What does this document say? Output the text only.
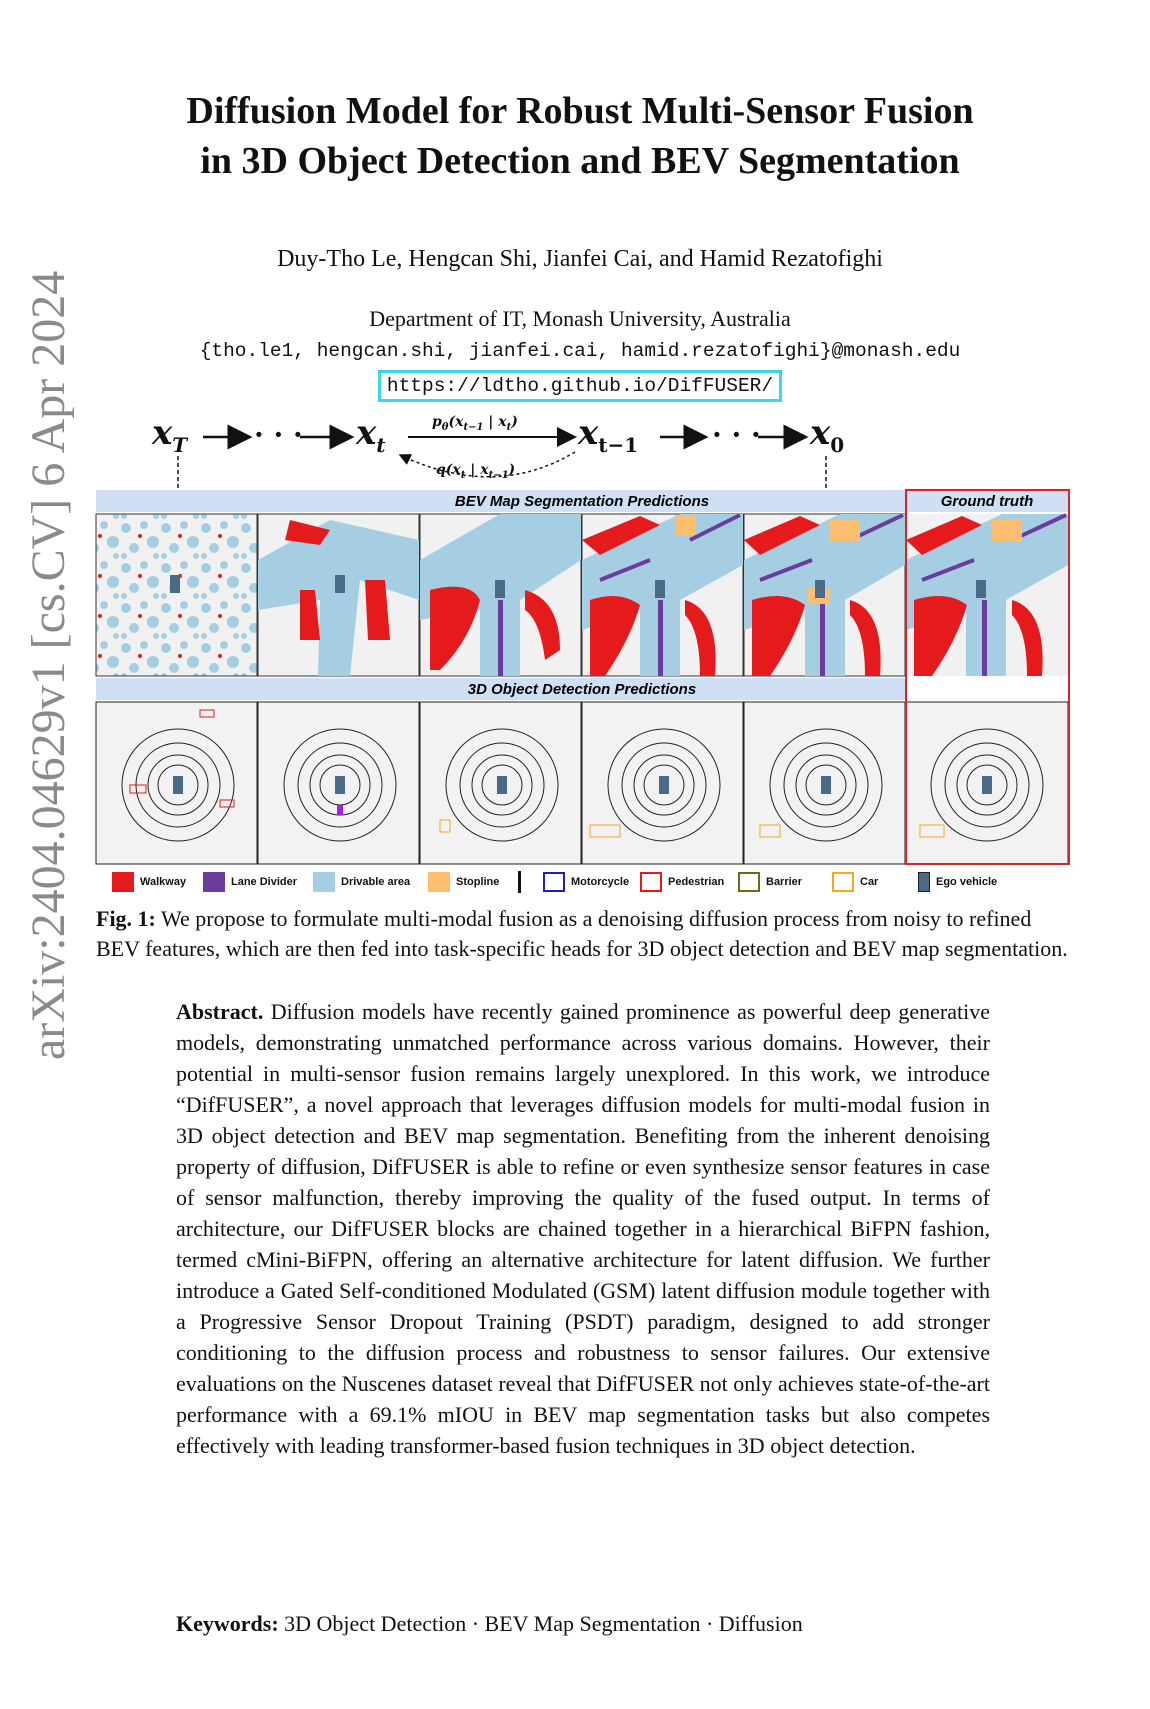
arXiv:2404.04629v1 [cs.CV] 6 Apr 2024
Diffusion Model for Robust Multi-Sensor Fusion
in 3D Object Detection and BEV Segmentation
Duy-Tho Le, Hengcan Shi, Jianfei Cai, and Hamid Rezatofighi
Department of IT, Monash University, Australia
{tho.le1, hengcan.shi, jianfei.cai, hamid.rezatofighi}@monash.edu
https://ldtho.github.io/DifFUSER/
$x_T$ · · · $x_t$
$p_\theta(x_{t-1}$ | $x_t$) $x_{t-1}$
$q(x_t$ | $x_{t-1}$)
· · · $x_0$
BEV Map Segmentation Predictions	Ground truth
3D Object Detection Predictions
Walkway	Lane Divider	Drivable area	Stopline	Motorcycle	Pedestrian	Barrier	Car	Ego vehicle
Fig. 1: We propose to formulate multi-modal fusion as a denoising diffusion process from noisy to refined BEV features, which are then fed into task-specific heads for 3D object detection and BEV map segmentation.
Abstract. Diffusion models have recently gained prominence as powerful deep generative models, demonstrating unmatched performance across various domains. However, their potential in multi-sensor fusion remains largely unexplored. In this work, we introduce “DifFUSER”, a novel approach that leverages diffusion models for multi-modal fusion in 3D object detection and BEV map segmentation. Benefiting from the inherent denoising property of diffusion, DifFUSER is able to refine or even synthesize sensor features in case of sensor malfunction, thereby improving the quality of the fused output. In terms of architecture, our DifFUSER blocks are chained together in a hierarchical BiFPN fashion, termed cMini-BiFPN, offering an alternative architecture for latent diffusion. We further introduce a Gated Self-conditioned Modulated (GSM) latent diffusion module together with a Progressive Sensor Dropout Training (PSDT) paradigm, designed to add stronger conditioning to the diffusion process and robustness to sensor failures. Our extensive evaluations on the Nuscenes dataset reveal that DifFUSER not only achieves state-of-the-art performance with a 69.1% mIOU in BEV map segmentation tasks but also competes effectively with leading transformer-based fusion techniques in 3D object detection.
Keywords: 3D Object Detection · BEV Map Segmentation · Diffusion
